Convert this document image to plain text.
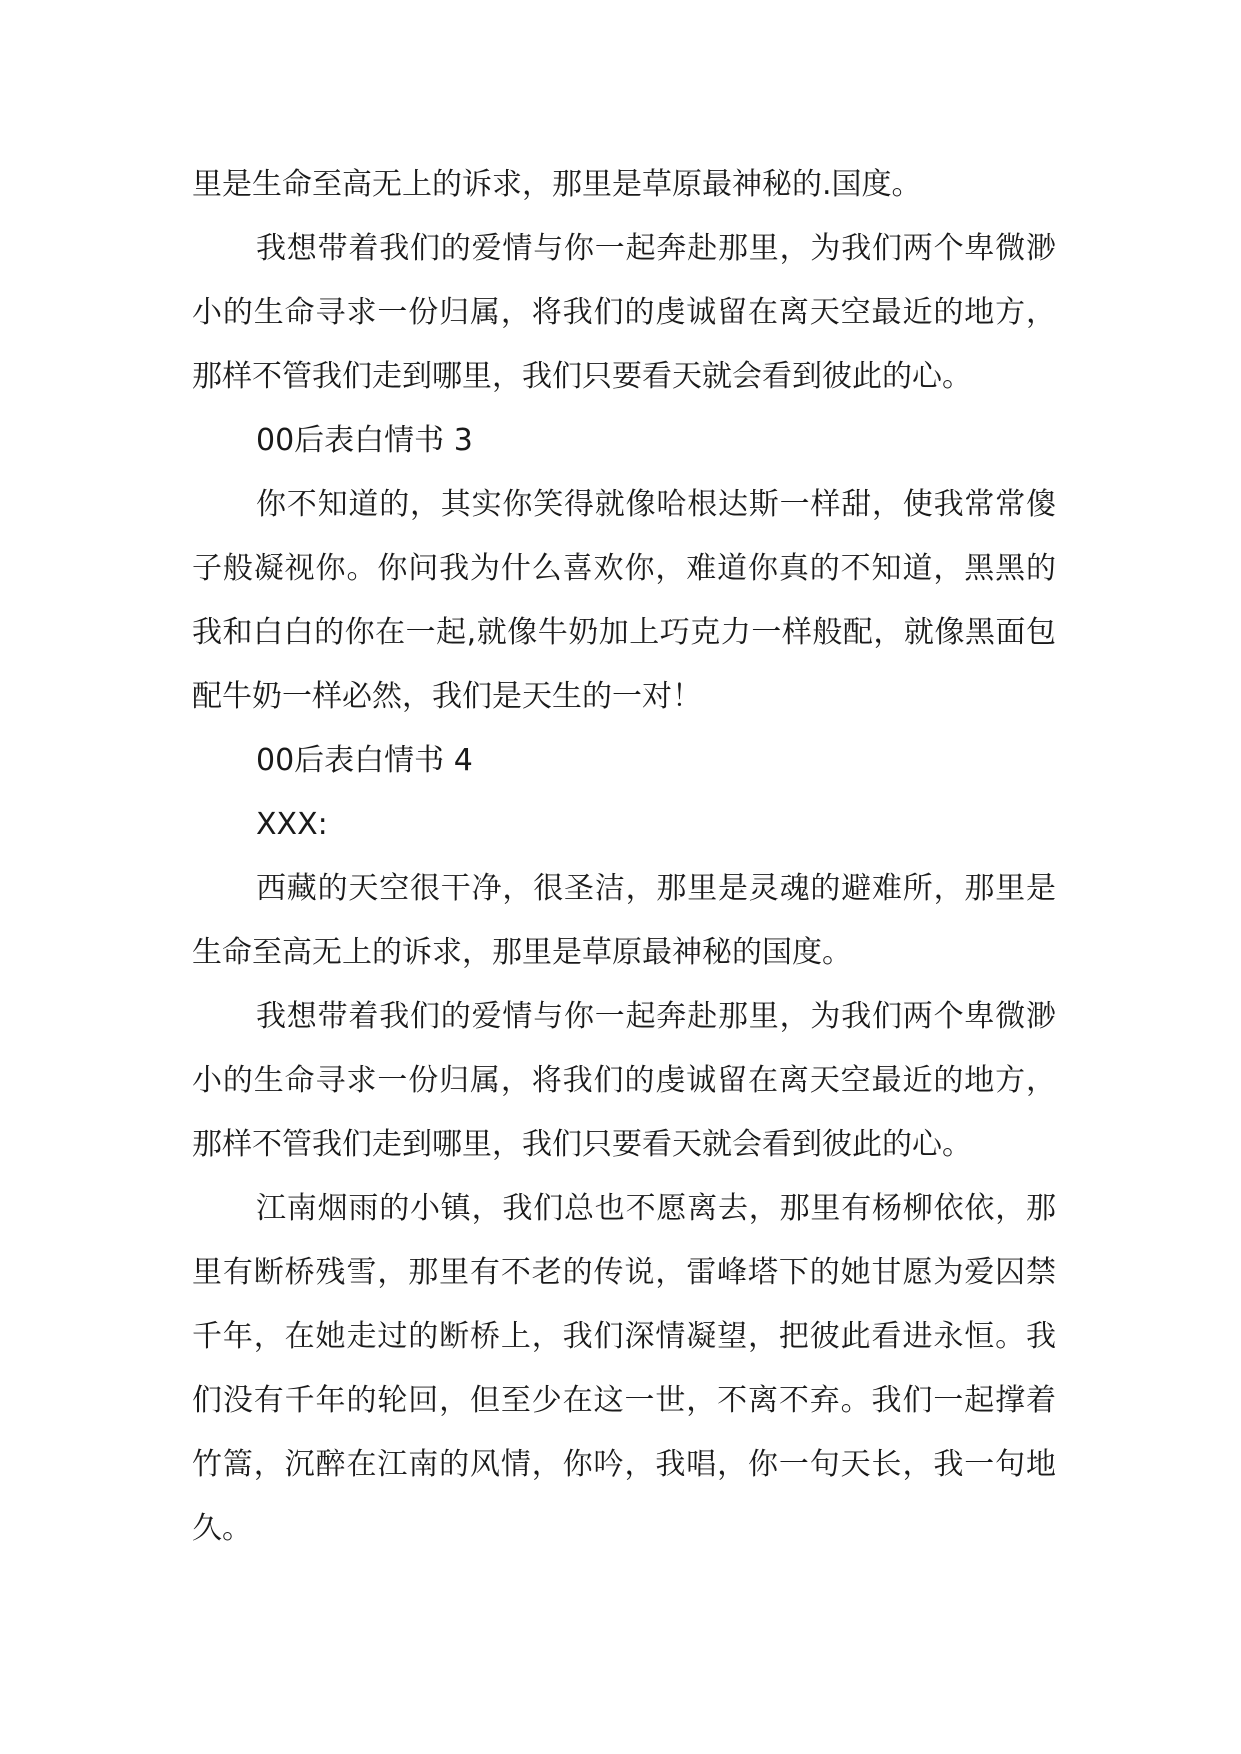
里是生命至高无上的诉求，那里是草原最神秘的.国度。

我想带着我们的爱情与你一起奔赴那里，为我们两个卑微渺小的生命寻求一份归属，将我们的虔诚留在离天空最近的地方，那样不管我们走到哪里，我们只要看天就会看到彼此的心。

00后表白情书 3

你不知道的，其实你笑得就像哈根达斯一样甜，使我常常傻子般凝视你。你问我为什么喜欢你，难道你真的不知道，黑黑的我和白白的你在一起,就像牛奶加上巧克力一样般配，就像黑面包配牛奶一样必然，我们是天生的一对！

00后表白情书 4

XXX:

西藏的天空很干净，很圣洁，那里是灵魂的避难所，那里是生命至高无上的诉求，那里是草原最神秘的国度。

我想带着我们的爱情与你一起奔赴那里，为我们两个卑微渺小的生命寻求一份归属，将我们的虔诚留在离天空最近的地方，那样不管我们走到哪里，我们只要看天就会看到彼此的心。

江南烟雨的小镇，我们总也不愿离去，那里有杨柳依依，那里有断桥残雪，那里有不老的传说，雷峰塔下的她甘愿为爱囚禁千年，在她走过的断桥上，我们深情凝望，把彼此看进永恒。我们没有千年的轮回，但至少在这一世，不离不弃。我们一起撑着竹篙，沉醉在江南的风情，你吟，我唱，你一句天长，我一句地久。
